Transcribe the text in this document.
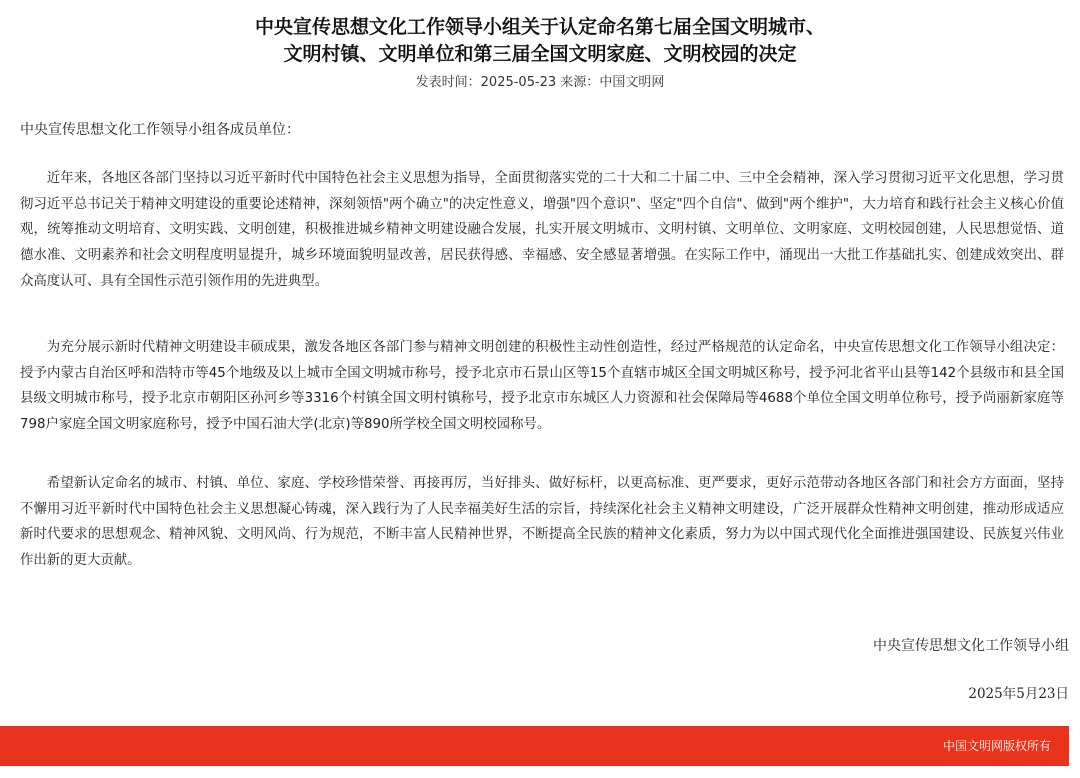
中央宣传思想文化工作领导小组关于认定命名第七届全国文明城市、
文明村镇、文明单位和第三届全国文明家庭、文明校园的决定
发表时间：2025-05-23 来源：中国文明网
中央宣传思想文化工作领导小组各成员单位：

近年来，各地区各部门坚持以习近平新时代中国特色社会主义思想为指导，全面贯彻落实党的二十大和二十届二中、三中全会精神，深入学习贯彻习近平文化思想，学习贯彻习近平总书记关于精神文明建设的重要论述精神，深刻领悟"两个确立"的决定性意义，增强"四个意识"、坚定"四个自信"、做到"两个维护"，大力培育和践行社会主义核心价值观，统筹推动文明培育、文明实践、文明创建，积极推进城乡精神文明建设融合发展，扎实开展文明城市、文明村镇、文明单位、文明家庭、文明校园创建，人民思想觉悟、道德水准、文明素养和社会文明程度明显提升，城乡环境面貌明显改善，居民获得感、幸福感、安全感显著增强。在实际工作中，涌现出一大批工作基础扎实、创建成效突出、群众高度认可、具有全国性示范引领作用的先进典型。

为充分展示新时代精神文明建设丰硕成果，激发各地区各部门参与精神文明创建的积极性主动性创造性，经过严格规范的认定命名，中央宣传思想文化工作领导小组决定：授予内蒙古自治区呼和浩特市等45个地级及以上城市全国文明城市称号，授予北京市石景山区等15个直辖市城区全国文明城区称号，授予河北省平山县等142个县级市和县全国县级文明城市称号，授予北京市朝阳区孙河乡等3316个村镇全国文明村镇称号，授予北京市东城区人力资源和社会保障局等4688个单位全国文明单位称号，授予尚丽新家庭等798户家庭全国文明家庭称号，授予中国石油大学(北京)等890所学校全国文明校园称号。

希望新认定命名的城市、村镇、单位、家庭、学校珍惜荣誉、再接再厉，当好排头、做好标杆，以更高标准、更严要求，更好示范带动各地区各部门和社会方方面面，坚持不懈用习近平新时代中国特色社会主义思想凝心铸魂，深入践行为了人民幸福美好生活的宗旨，持续深化社会主义精神文明建设，广泛开展群众性精神文明创建，推动形成适应新时代要求的思想观念、精神风貌、文明风尚、行为规范，不断丰富人民精神世界，不断提高全民族的精神文化素质，努力为以中国式现代化全面推进强国建设、民族复兴伟业作出新的更大贡献。

中央宣传思想文化工作领导小组
2025年5月23日
中国文明网版权所有
